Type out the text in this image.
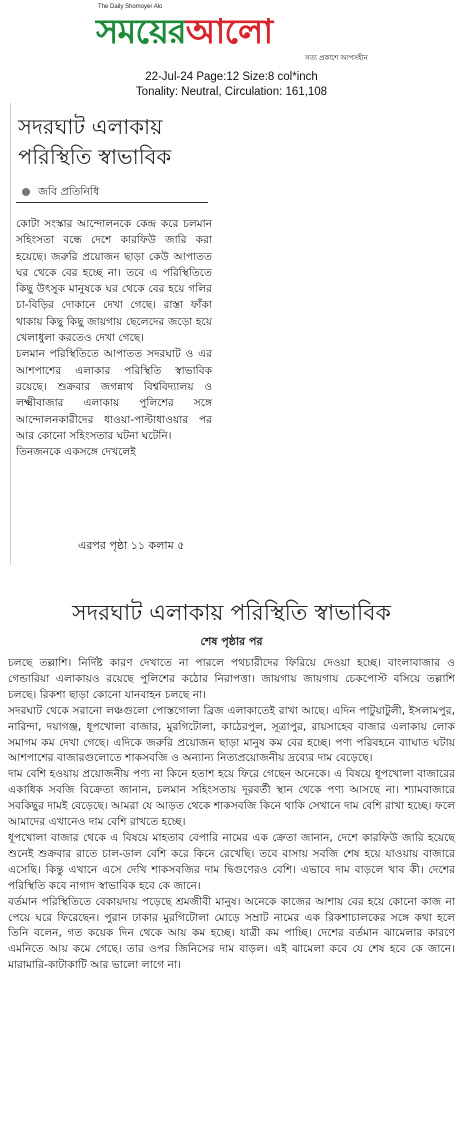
The Daily Shomoyer Alo
সময়েরআলো
সত্য প্রকাশে আপসহীন
22-Jul-24 Page:12 Size:8 col*inch
Tonality: Neutral, Circulation: 161,108
সদরঘাট এলাকায়
পরিস্থিতি স্বাভাবিক
জবি প্রতিনিধি

কোটা সংস্কার আন্দোলনকে কেন্দ্র করে চলমান সহিংসতা বন্ধে দেশে কারফিউ জারি করা হয়েছে। জরুরি প্রয়োজন ছাড়া কেউ আপাতত ঘর থেকে বের হচ্ছে না। তবে এ পরিস্থিতিতে কিছু উৎসুক মানুষকে ঘর থেকে বের হয়ে গলির চা-বিড়ির দোকানে দেখা গেছে। রাস্তা ফাঁকা থাকায় কিছু কিছু জায়গায় ছেলেদের জড়ো হয়ে খেলাধুলা করতেও দেখা গেছে।

চলমান পরিস্থিতিতে আপাতত সদরঘাট ও এর আশপাশের এলাকার পরিস্থিতি স্বাভাবিক রয়েছে। শুক্রবার জগন্নাথ বিশ্ববিদ্যালয় ও লক্ষ্মীবাজার এলাকায় পুলিশের সঙ্গে আন্দোলনকারীদের ধাওয়া-পাল্টাধাওয়ার পর আর কোনো সহিংসতার ঘটনা ঘটেনি।

তিনজনকে একসঙ্গে দেখলেই

এরপর পৃষ্ঠা ১১ কলাম ৫
সদরঘাট এলাকায় পরিস্থিতি স্বাভাবিক
শেষ পৃষ্ঠার পর

চলছে তল্লাশি। নির্দিষ্ট কারণ দেখাতে না পারলে পথচারীদের ফিরিয়ে দেওয়া হচ্ছে। বাংলাবাজার ও গেন্ডারিয়া এলাকায়ও রয়েছে পুলিশের কঠোর নিরাপত্তা। জায়গায় জায়গায় চেকপোস্ট বসিয়ে তল্লাশি চলছে। রিকশা ছাড়া কোনো যানবাহন চলছে না।

সদরঘাট থেকে সরানো লঞ্চগুলো পোস্তগোলা ব্রিজ এলাকাতেই রাখা আছে। এদিন পাটুয়াটুলী, ইসলামপুর, নারিন্দা, দয়াগঞ্জ, ধূপখোলা বাজার, মুরগিটোলা, কাঠেরপুল, সূত্রাপুর, রায়সাহেব বাজার এলাকায় লোক সমাগম কম দেখা গেছে। এদিকে জরুরি প্রয়োজন ছাড়া মানুষ কম বের হচ্ছে। পণ্য পরিবহনে ব্যাঘাত ঘটায় আশপাশের বাজারগুলোতে শাকসবজি ও অন্যান্য নিত্যপ্রয়োজনীয় দ্রব্যের দাম বেড়েছে।

দাম বেশি হওয়ায় প্রয়োজনীয় পণ্য না কিনে হতাশ হয়ে ফিরে গেছেন অনেকে। এ বিষয়ে ধূপখোলা বাজারের একাধিক সবজি বিক্রেতা জানান, চলমান সহিংসতায় দূরবর্তী স্থান থেকে পণ্য আসছে না। শ্যামবাজারে সবকিছুর দামই বেড়েছে। আমরা যে আড়ত থেকে শাকসবজি কিনে থাকি সেখানে দাম বেশি রাখা হচ্ছে। ফলে আমাদের এখানেও দাম বেশি রাখতে হচ্ছে।

ধূপখোলা বাজার থেকে এ বিষয়ে মাহতাব বেপারি নামের এক ক্রেতা জানান, দেশে কারফিউ জারি হয়েছে শুনেই শুক্রবার রাতে চাল-ডাল বেশি করে কিনে রেখেছি। তবে বাসায় সবজি শেষ হয়ে যাওয়ায় বাজারে এসেছি। কিন্তু এখানে এসে দেখি শাকসবজির দাম দ্বিগুণেরও বেশি। এভাবে দাম বাড়লে খাব কী। দেশের পরিস্থিতি কবে নাগাদ স্বাভাবিক হবে কে জানে।

বর্তমান পরিস্থিতিতে বেকায়দায় পড়েছে শ্রমজীবী মানুষ। অনেকে কাজের আশায় বের হয়ে কোনো কাজ না পেয়ে ঘরে ফিরেছেন। পুরান ঢাকার মুরগিটোলা মোড়ে সম্রাট নামের এক রিকশাচালকের সঙ্গে কথা হলে তিনি বলেন, গত কয়েক দিন থেকে আয় কম হচ্ছে। যাত্রী কম পাচ্ছি। দেশের বর্তমান ঝামেলার কারণে এমনিতে আয় কমে গেছে। তার ওপর জিনিসের দাম বাড়ল। এই ঝামেলা কবে যে শেষ হবে কে জানে। মারামারি-কাটাকাটি আর ভালো লাগে না।
